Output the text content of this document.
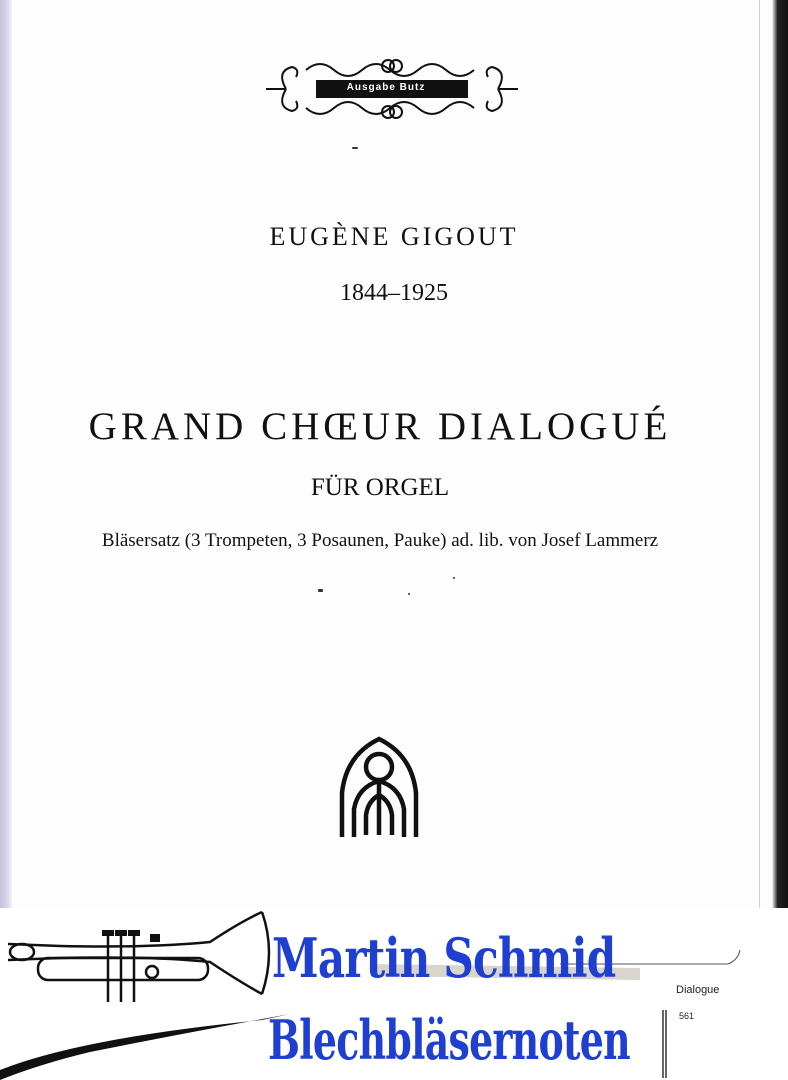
Ausgabe Butz
EUGÈNE GIGOUT
1844–1925
GRAND CHŒUR DIALOGUÉ
FÜR ORGEL
Bläsersatz (3 Trompeten, 3 Posaunen, Pauke) ad. lib. von Josef Lammerz
Martin Schmid
Blechbläsernoten
Dialogue
561
